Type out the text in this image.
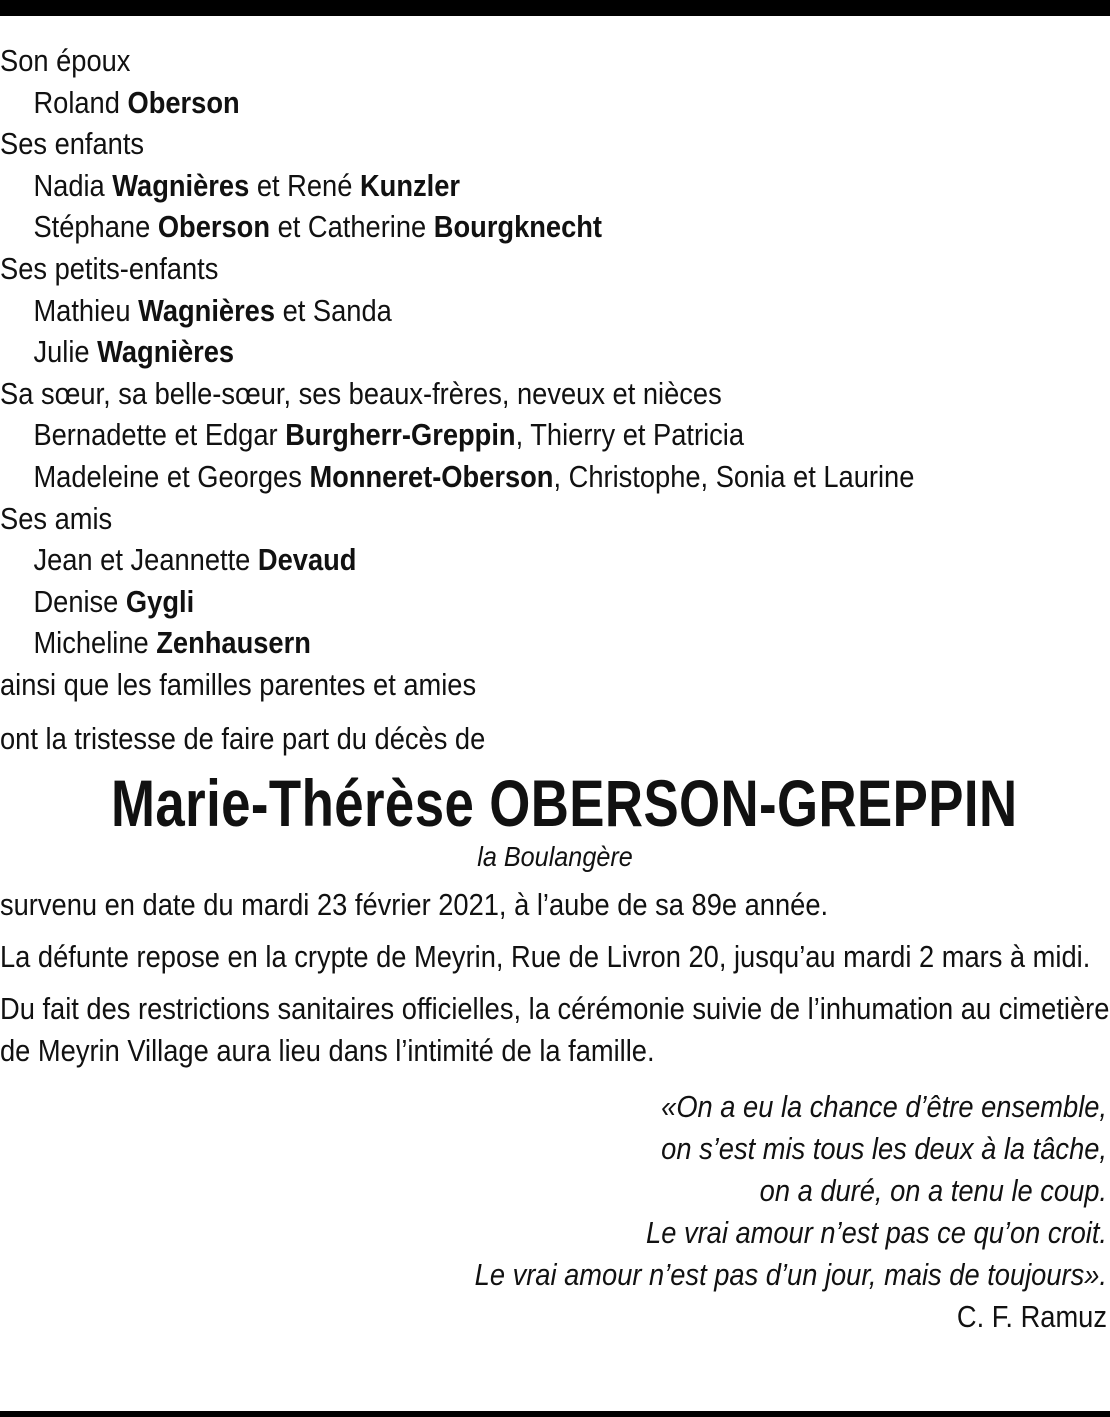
Son époux
Roland Oberson
Ses enfants
Nadia Wagnières et René Kunzler
Stéphane Oberson et Catherine Bourgknecht
Ses petits-enfants
Mathieu Wagnières et Sanda
Julie Wagnières
Sa sœur, sa belle-sœur, ses beaux-frères, neveux et nièces
Bernadette et Edgar Burgherr-Greppin, Thierry et Patricia
Madeleine et Georges Monneret-Oberson, Christophe, Sonia et Laurine
Ses amis
Jean et Jeannette Devaud
Denise Gygli
Micheline Zenhausern
ainsi que les familles parentes et amies
ont la tristesse de faire part du décès de
Marie-Thérèse OBERSON-GREPPIN
la Boulangère
survenu en date du mardi 23 février 2021, à l’aube de sa 89e année.
La défunte repose en la crypte de Meyrin, Rue de Livron 20, jusqu’au mardi 2 mars à midi.
Du fait des restrictions sanitaires officielles, la cérémonie suivie de l’inhumation au cimetière de Meyrin Village aura lieu dans l’intimité de la famille.
«On a eu la chance d’être ensemble,
on s’est mis tous les deux à la tâche,
on a duré, on a tenu le coup.
Le vrai amour n’est pas ce qu’on croit.
Le vrai amour n’est pas d’un jour, mais de toujours».
C. F. Ramuz
